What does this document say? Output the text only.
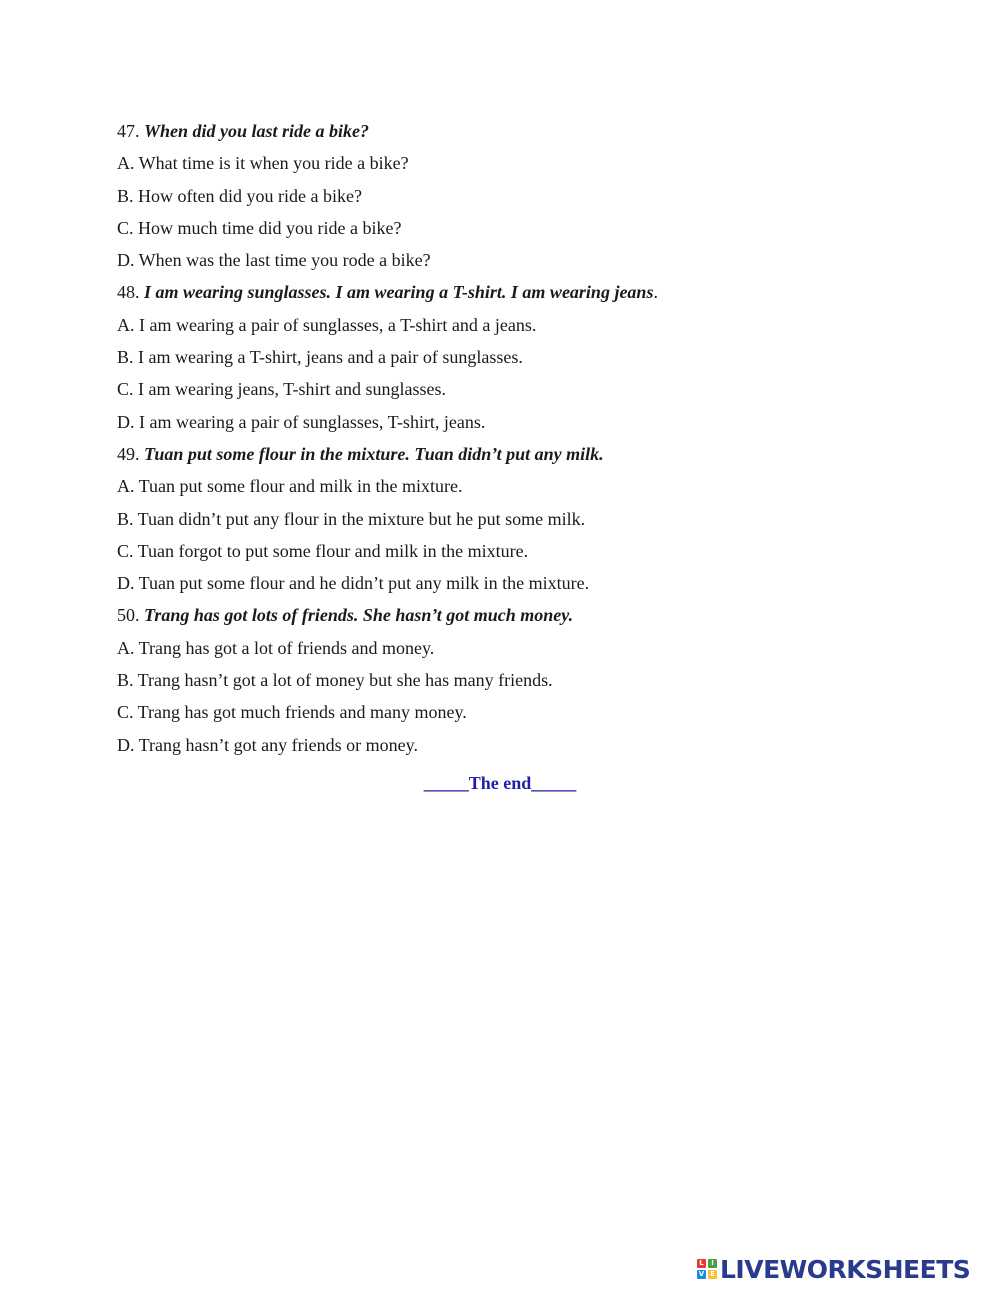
47. When did you last ride a bike?
A. What time is it when you ride a bike?
B. How often did you ride a bike?
C. How much time did you ride a bike?
D. When was the last time you rode a bike?
48. I am wearing sunglasses. I am wearing a T-shirt. I am wearing jeans.
A. I am wearing a pair of sunglasses, a T-shirt and a jeans.
B. I am wearing a T-shirt, jeans and a pair of sunglasses.
C. I am wearing jeans, T-shirt and sunglasses.
D. I am wearing a pair of sunglasses, T-shirt, jeans.
49. Tuan put some flour in the mixture. Tuan didn’t put any milk.
A. Tuan put some flour and milk in the mixture.
B. Tuan didn’t put any flour in the mixture but he put some milk.
C. Tuan forgot to put some flour and milk in the mixture.
D. Tuan put some flour and he didn’t put any milk in the mixture.
50. Trang has got lots of friends. She hasn’t got much money.
A. Trang has got a lot of friends and money.
B. Trang hasn’t got a lot of money but she has many friends.
C. Trang has got much friends and many money.
D. Trang hasn’t got any friends or money.
_____The end_____
L	I
V E LIVEWORKSHEETS
